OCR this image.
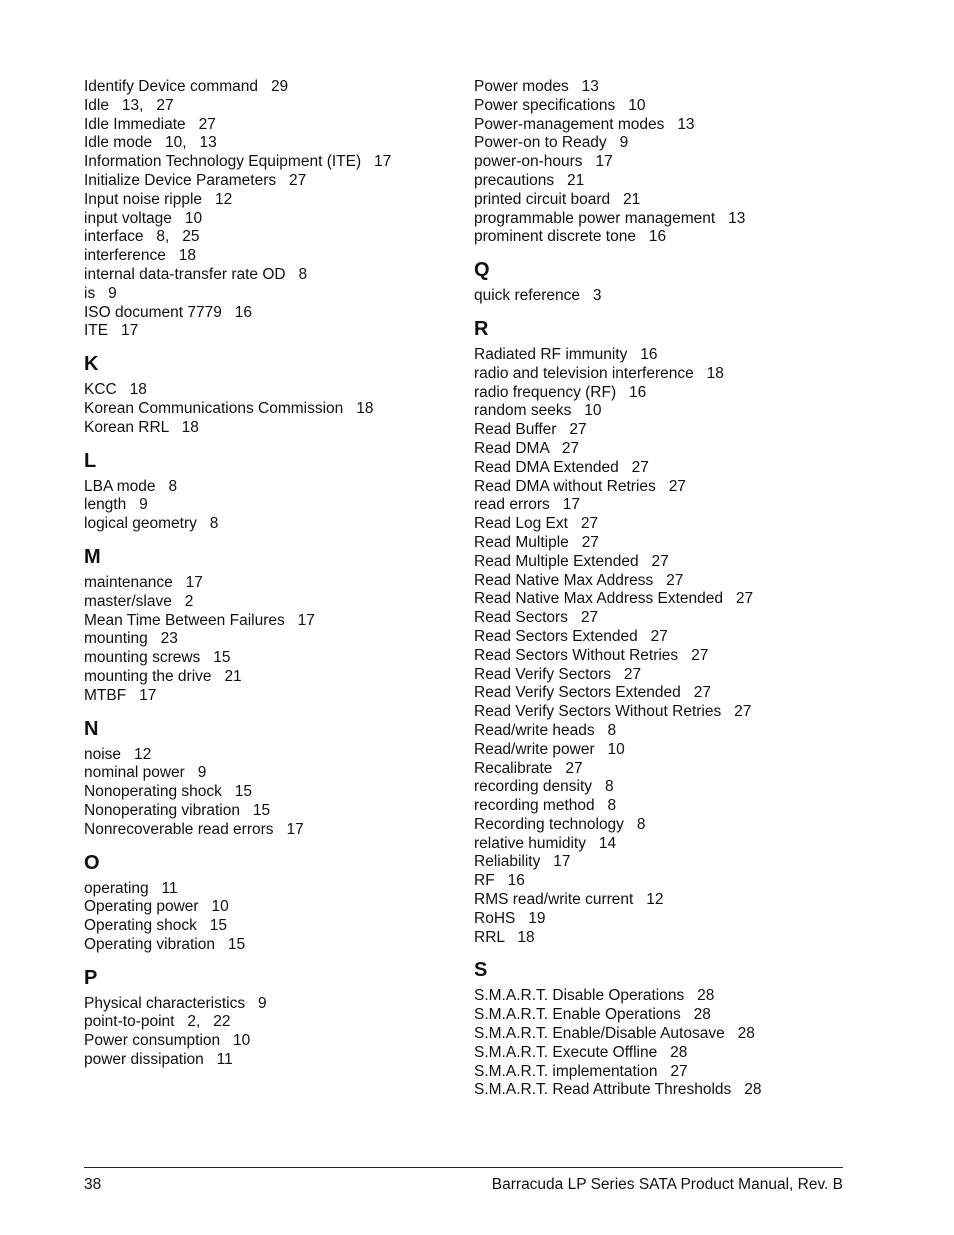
Identify Device command   29
Idle   13,   27
Idle Immediate   27
Idle mode   10,   13
Information Technology Equipment (ITE)   17
Initialize Device Parameters   27
Input noise ripple   12
input voltage   10
interface   8,   25
interference   18
internal data-transfer rate OD   8
is   9
ISO document 7779   16
ITE   17
K
KCC   18
Korean Communications Commission   18
Korean RRL   18
L
LBA mode   8
length   9
logical geometry   8
M
maintenance   17
master/slave   2
Mean Time Between Failures   17
mounting   23
mounting screws   15
mounting the drive   21
MTBF   17
N
noise   12
nominal power   9
Nonoperating shock   15
Nonoperating vibration   15
Nonrecoverable read errors   17
O
operating   11
Operating power   10
Operating shock   15
Operating vibration   15
P
Physical characteristics   9
point-to-point   2,   22
Power consumption   10
power dissipation   11
Power modes   13
Power specifications   10
Power-management modes   13
Power-on to Ready   9
power-on-hours   17
precautions   21
printed circuit board   21
programmable power management   13
prominent discrete tone   16
Q
quick reference   3
R
Radiated RF immunity   16
radio and television interference   18
radio frequency (RF)   16
random seeks   10
Read Buffer   27
Read DMA   27
Read DMA Extended   27
Read DMA without Retries   27
read errors   17
Read Log Ext   27
Read Multiple   27
Read Multiple Extended   27
Read Native Max Address   27
Read Native Max Address Extended   27
Read Sectors   27
Read Sectors Extended   27
Read Sectors Without Retries   27
Read Verify Sectors   27
Read Verify Sectors Extended   27
Read Verify Sectors Without Retries   27
Read/write heads   8
Read/write power   10
Recalibrate   27
recording density   8
recording method   8
Recording technology   8
relative humidity   14
Reliability   17
RF   16
RMS read/write current   12
RoHS   19
RRL   18
S
S.M.A.R.T. Disable Operations   28
S.M.A.R.T. Enable Operations   28
S.M.A.R.T. Enable/Disable Autosave   28
S.M.A.R.T. Execute Offline   28
S.M.A.R.T. implementation   27
S.M.A.R.T. Read Attribute Thresholds   28
38	Barracuda LP Series SATA Product Manual, Rev. B
